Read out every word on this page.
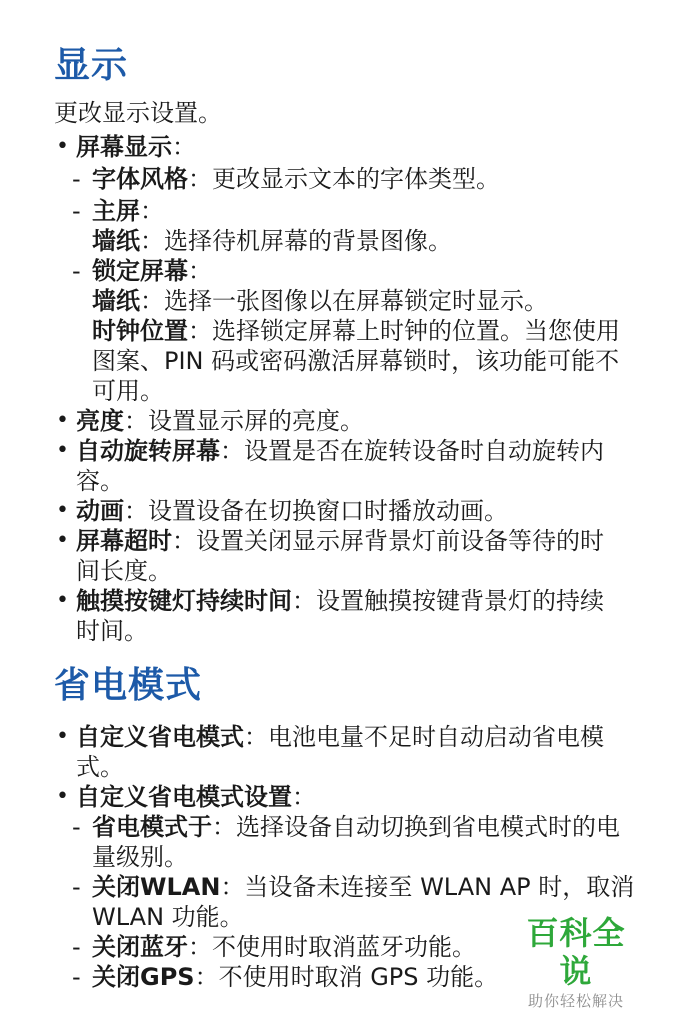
显示
更改显示设置。
• 屏幕显示：
- 字体风格：更改显示文本的字体类型。
- 主屏：
墙纸：选择待机屏幕的背景图像。
- 锁定屏幕：
墙纸：选择一张图像以在屏幕锁定时显示。
时钟位置：选择锁定屏幕上时钟的位置。当您使用
图案、PIN 码或密码激活屏幕锁时，该功能可能不
可用。
• 亮度：设置显示屏的亮度。
• 自动旋转屏幕：设置是否在旋转设备时自动旋转内
容。
• 动画：设置设备在切换窗口时播放动画。
• 屏幕超时：设置关闭显示屏背景灯前设备等待的时
间长度。
• 触摸按键灯持续时间：设置触摸按键背景灯的持续
时间。
省电模式
• 自定义省电模式：电池电量不足时自动启动省电模
式。
• 自定义省电模式设置：
- 省电模式于：选择设备自动切换到省电模式时的电
量级别。
- 关闭WLAN：当设备未连接至 WLAN AP 时，取消
WLAN 功能。
- 关闭蓝牙：不使用时取消蓝牙功能。
- 关闭GPS：不使用时取消 GPS 功能。
百科全说
助你轻松解决
